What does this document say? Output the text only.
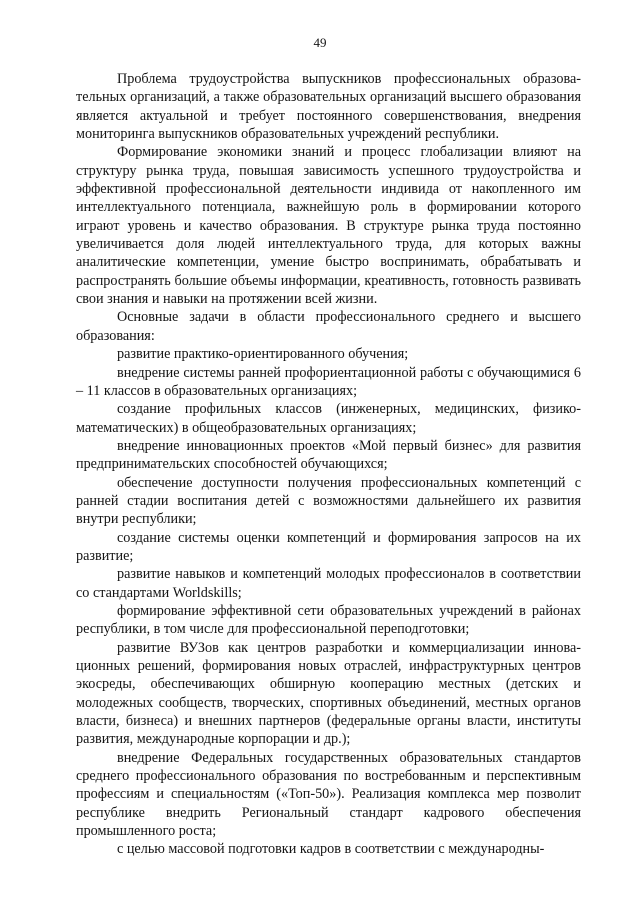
49

Проблема трудоустройства выпускников профессиональных образовательных организаций, а также образовательных организаций высшего образования является актуальной и требует постоянного совершенствования, внедрения мониторинга выпускников образовательных учреждений республики.

Формирование экономики знаний и процесс глобализации влияют на структуру рынка труда, повышая зависимость успешного трудоустройства и эффективной профессиональной деятельности индивида от накопленного им интеллектуального потенциала, важнейшую роль в формировании которого играют уровень и качество образования. В структуре рынка труда постоянно увеличивается доля людей интеллектуального труда, для которых важны аналитические компетенции, умение быстро воспринимать, обрабатывать и распространять большие объемы информации, креативность, готовность развивать свои знания и навыки на протяжении всей жизни.

Основные задачи в области профессионального среднего и высшего образования:

развитие практико-ориентированного обучения;

внедрение системы ранней профориентационной работы с обучающимися 6 – 11 классов в образовательных организациях;

создание профильных классов (инженерных, медицинских, физико-математических) в общеобразовательных организациях;

внедрение инновационных проектов «Мой первый бизнес» для развития предпринимательских способностей обучающихся;

обеспечение доступности получения профессиональных компетенций с ранней стадии воспитания детей с возможностями дальнейшего их развития внутри республики;

создание системы оценки компетенций и формирования запросов на их развитие;

развитие навыков и компетенций молодых профессионалов в соответствии со стандартами Worldskills;

формирование эффективной сети образовательных учреждений в районах республики, в том числе для профессиональной переподготовки;

развитие ВУЗов как центров разработки и коммерциализации инновационных решений, формирования новых отраслей, инфраструктурных центров экосреды, обеспечивающих обширную кооперацию местных (детских и молодежных сообществ, творческих, спортивных объединений, местных органов власти, бизнеса) и внешних партнеров (федеральные органы власти, институты развития, международные корпорации и др.);

внедрение Федеральных государственных образовательных стандартов среднего профессионального образования по востребованным и перспективным профессиям и специальностям («Топ-50»). Реализация комплекса мер позволит республике внедрить Региональный стандарт кадрового обеспечения промышленного роста;

с целью массовой подготовки кадров в соответствии с международны-
